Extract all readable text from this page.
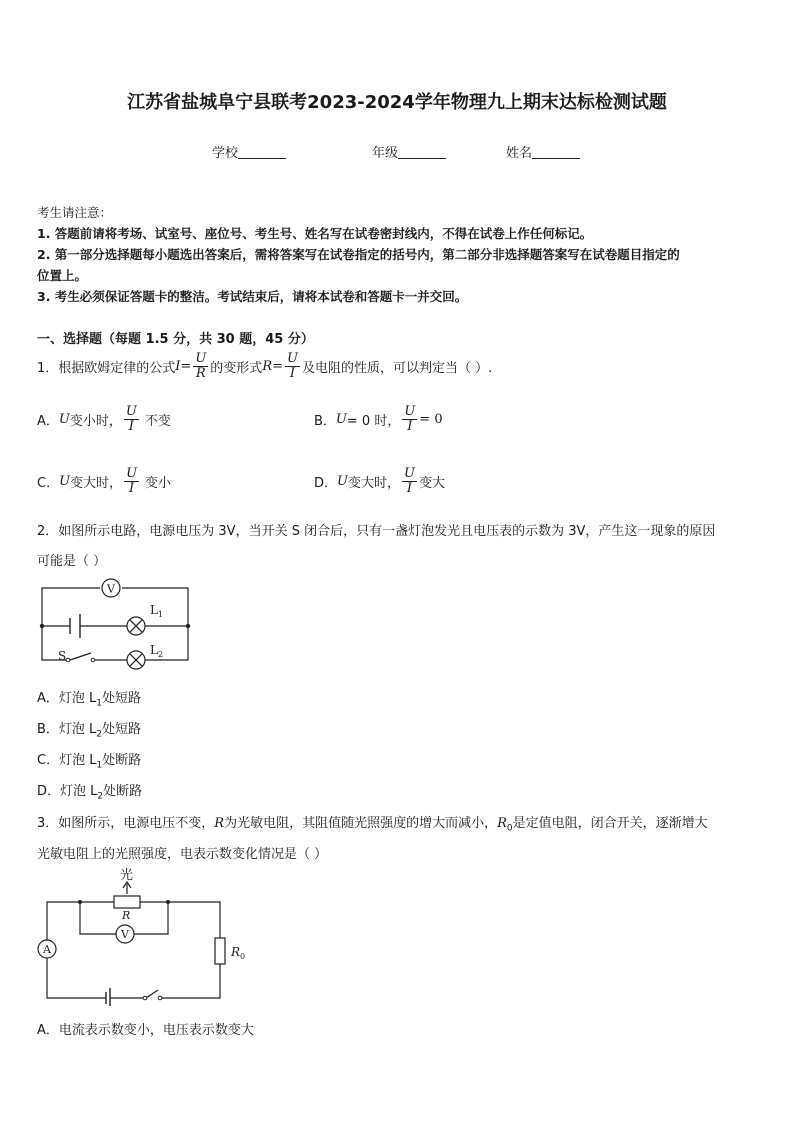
江苏省盐城阜宁县联考2023-2024学年物理九上期末达标检测试题
学校	年级	姓名
考生请注意：
1. 答题前请将考场、试室号、座位号、考生号、姓名写在试卷密封线内，不得在试卷上作任何标记。
2. 第一部分选择题每小题选出答案后，需将答案写在试卷指定的括号内，第二部分非选择题答案写在试卷题目指定的
位置上。
3. 考生必须保证答题卡的整洁。考试结束后，请将本试卷和答题卡一并交回。
一、选择题（每题 1.5 分，共 30 题，45 分）
1．根据欧姆定律的公式 $I = \frac{U}{R}$ 的变形式 $R = \frac{U}{I}$ 及电阻的性质，可以判定当（ ）.
A． U 变小时， $\frac{U}{I}$ 不变	B． U = 0 时， $\frac{U}{I} = 0$
C． U 变大时， $\frac{U}{I}$ 变小	D． U 变大时， $\frac{U}{I}$ 变大
2．如图所示电路，电源电压为 3V，当开关 S 闭合后，只有一盏灯泡发光且电压表的示数为 3V，产生这一现象的原因
可能是（ ）
V
$L_1$
$L_2$
S
A．灯泡 $L_1$处短路
B．灯泡 $L_2$处短路
C．灯泡 $L_1$处断路
D．灯泡 $L_2$处断路
3．如图所示，电源电压不变，R为光敏电阻，其阻值随光照强度的增大而减小，$R_0$是定值电阻，闭合开关，逐渐增大
光敏电阻上的光照强度，电表示数变化情况是（ ）
光
R
V
A	$R_0$
A．电流表示数变小，电压表示数变大
